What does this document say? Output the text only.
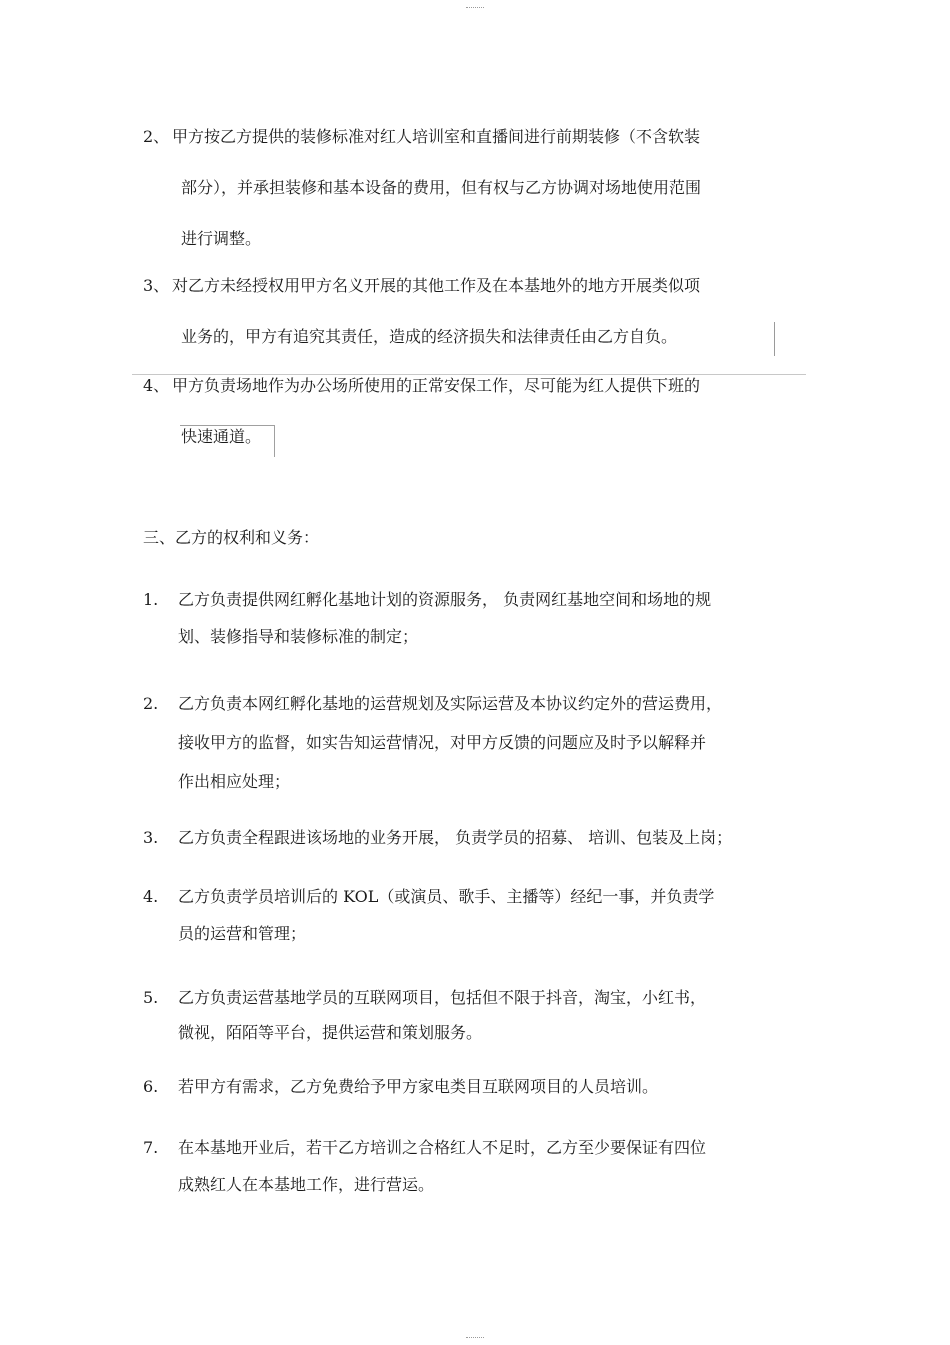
2、 甲方按乙方提供的装修标准对红人培训室和直播间进行前期装修（不含软装
部分），并承担装修和基本设备的费用，但有权与乙方协调对场地使用范围
进行调整。
3、 对乙方未经授权用甲方名义开展的其他工作及在本基地外的地方开展类似项
业务的，甲方有追究其责任，造成的经济损失和法律责任由乙方自负。
4、 甲方负责场地作为办公场所使用的正常安保工作，尽可能为红人提供下班的
快速通道。
三、乙方的权利和义务：
1. 乙方负责提供网红孵化基地计划的资源服务， 负责网红基地空间和场地的规
划、装修指导和装修标准的制定；
2. 乙方负责本网红孵化基地的运营规划及实际运营及本协议约定外的营运费用，
接收甲方的监督，如实告知运营情况，对甲方反馈的问题应及时予以解释并
作出相应处理；
3. 乙方负责全程跟进该场地的业务开展， 负责学员的招募、 培训、包装及上岗；
4. 乙方负责学员培训后的 KOL（或演员、歌手、主播等）经纪一事，并负责学
员的运营和管理；
5. 乙方负责运营基地学员的互联网项目，包括但不限于抖音，淘宝，小红书，
微视，陌陌等平台，提供运营和策划服务。
6. 若甲方有需求，乙方免费给予甲方家电类目互联网项目的人员培训。
7. 在本基地开业后，若干乙方培训之合格红人不足时，乙方至少要保证有四位
成熟红人在本基地工作，进行营运。
